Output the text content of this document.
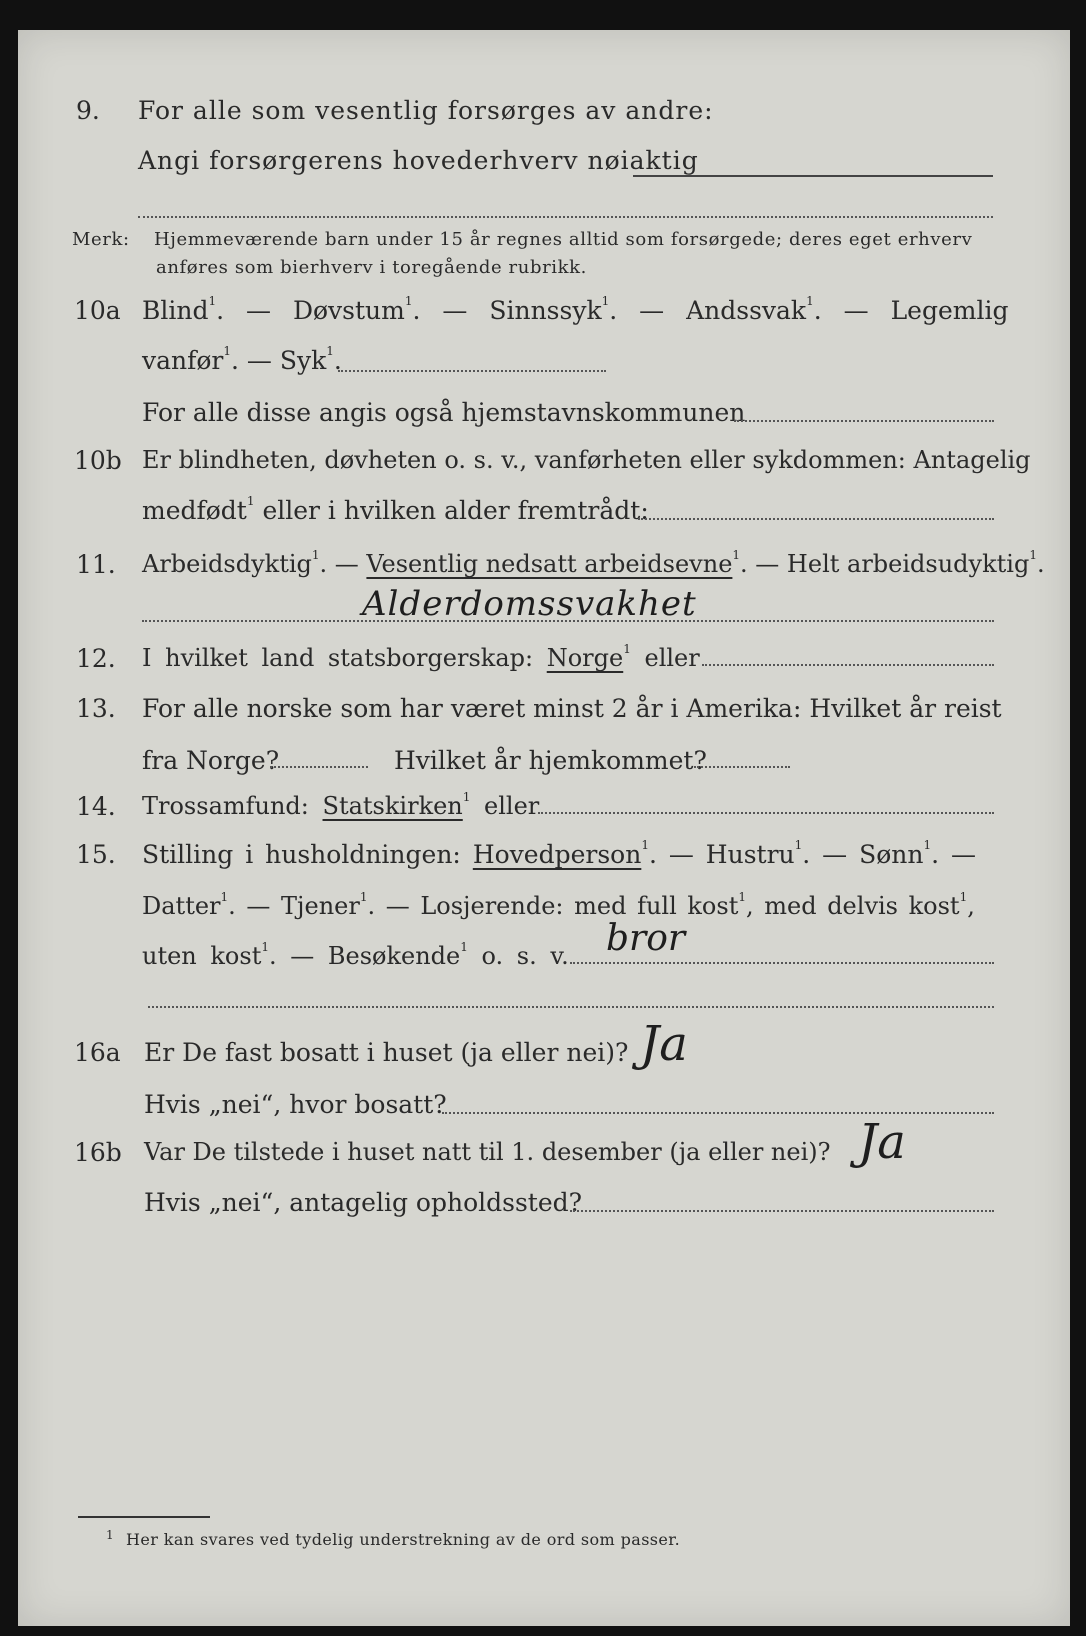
9. For alle som vesentlig forsørges av andre:
Angi forsørgerens hovederhverv nøiaktig
Merk: Hjemmeværende barn under 15 år regnes alltid som forsørgede; deres eget erhverv
anføres som bierhverv i toregående rubrikk.
10a Blind$^1$. — Døvstum$^1$. — Sinnssyk$^1$. — Andssvak$^1$. — Legemlig
vanfør$^1$. — Syk$^1$.
For alle disse angis også hjemstavnskommunen
10b Er blindheten, døvheten o. s. v., vanførheten eller sykdommen: Antagelig
medfødt$^1$ eller i hvilken alder fremtrådt:
11. Arbeidsdyktig$^1$. — Vesentlig nedsatt arbeidsevne$^1$. — Helt arbeidsudyktig$^1$.
Alderdomssvakhet
12. I hvilket land statsborgerskap: Norge$^1$ eller
13. For alle norske som har været minst 2 år i Amerika: Hvilket år reist
fra Norge?	Hvilket år hjemkommet?
14. Trossamfund: Statskirken$^1$ eller
15. Stilling i husholdningen: Hovedperson$^1$. — Hustru$^1$. — Sønn$^1$. —
Datter$^1$. — Tjener$^1$. — Losjerende: med full kost$^1$, med delvis kost$^1$,
uten kost$^1$. — Besøkende$^1$ o. s. v. bror
16a Er De fast bosatt i huset (ja eller nei)? Ja
Hvis „nei“, hvor bosatt?
16b Var De tilstede i huset natt til 1. desember (ja eller nei)? Ja
Hvis „nei“, antagelig opholdssted?
1 Her kan svares ved tydelig understrekning av de ord som passer.
